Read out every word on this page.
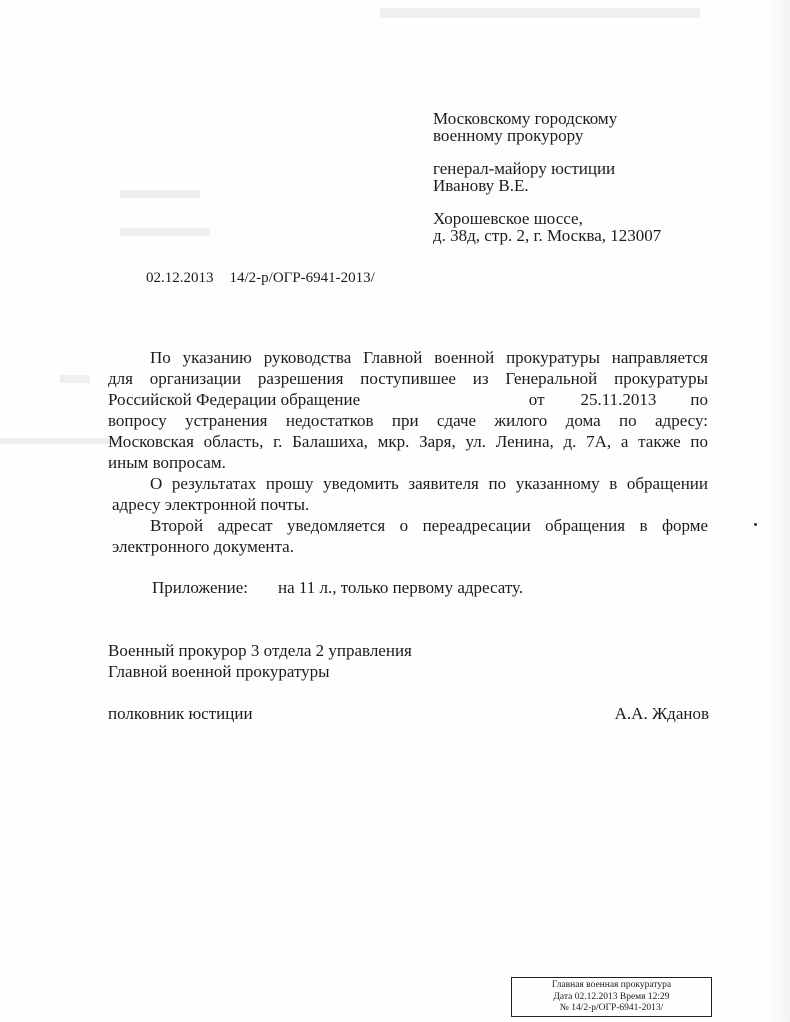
Московскому городскому
военному прокурору
генерал-майору юстиции
Иванову В.Е.
Хорошевское шоссе,
д. 38д, стр. 2, г. Москва, 123007
02.12.2013 14/2-р/ОГР-6941-2013/
По указанию руководства Главной военной прокуратуры направляется
для организации разрешения поступившее из Генеральной прокуратуры
Российской Федерации обращение	от 25.11.2013 по
вопросу устранения недостатков при сдаче жилого дома по адресу:
Московская область, г. Балашиха, мкр. Заря, ул. Ленина, д. 7А, а также по
иным вопросам.
О результатах прошу уведомить заявителя по указанному в обращении
адресу электронной почты.
Второй адресат уведомляется о переадресации обращения в форме
электронного документа.
Приложение: на 11 л., только первому адресату.
Военный прокурор 3 отдела 2 управления
Главной военной прокуратуры
полковник юстиции	А.А. Жданов
Главная военная прокуратура
Дата 02.12.2013 Время 12:29
№ 14/2-р/ОГР-6941-2013/
